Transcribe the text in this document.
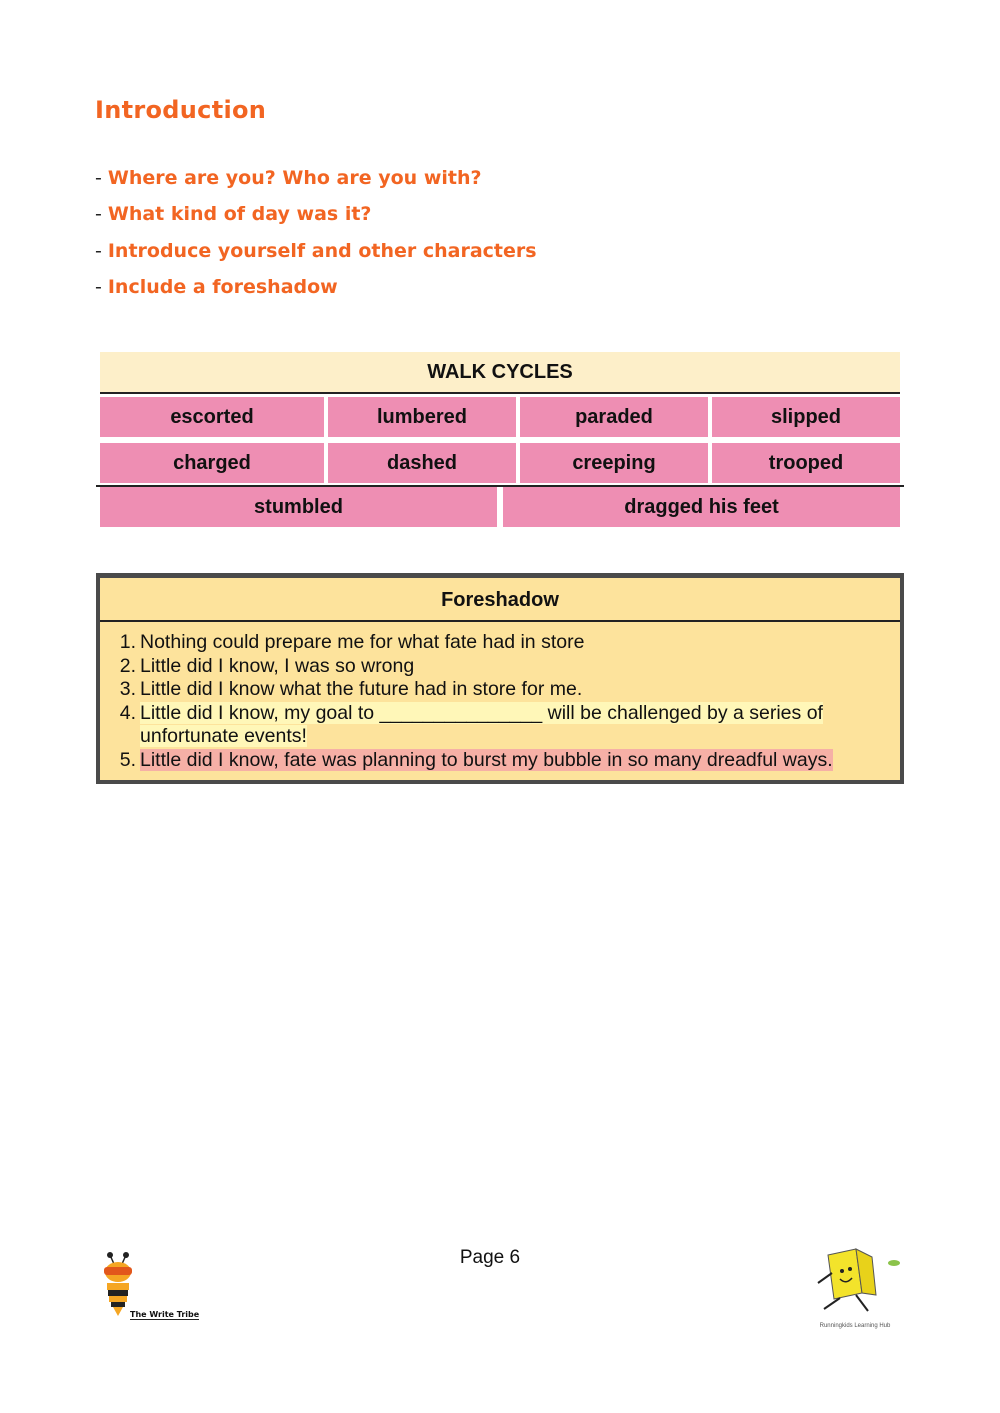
Introduction
- Where are you? Who are you with?
- What kind of day was it?
- Introduce yourself and other characters
- Include a foreshadow
WALK CYCLES
escorted	lumbered	paraded	slipped
charged	dashed	creeping	trooped
stumbled	dragged his feet
Foreshadow
1. Nothing could prepare me for what fate had in store
2. Little did I know, I was so wrong
3. Little did I know what the future had in store for me.
4. Little did I know, my goal to _______________ will be challenged by a series of
unfortunate events!
5. Little did I know, fate was planning to burst my bubble in so many dreadful ways.
The Write Tribe
Page 6
Runningkids Learning Hub
